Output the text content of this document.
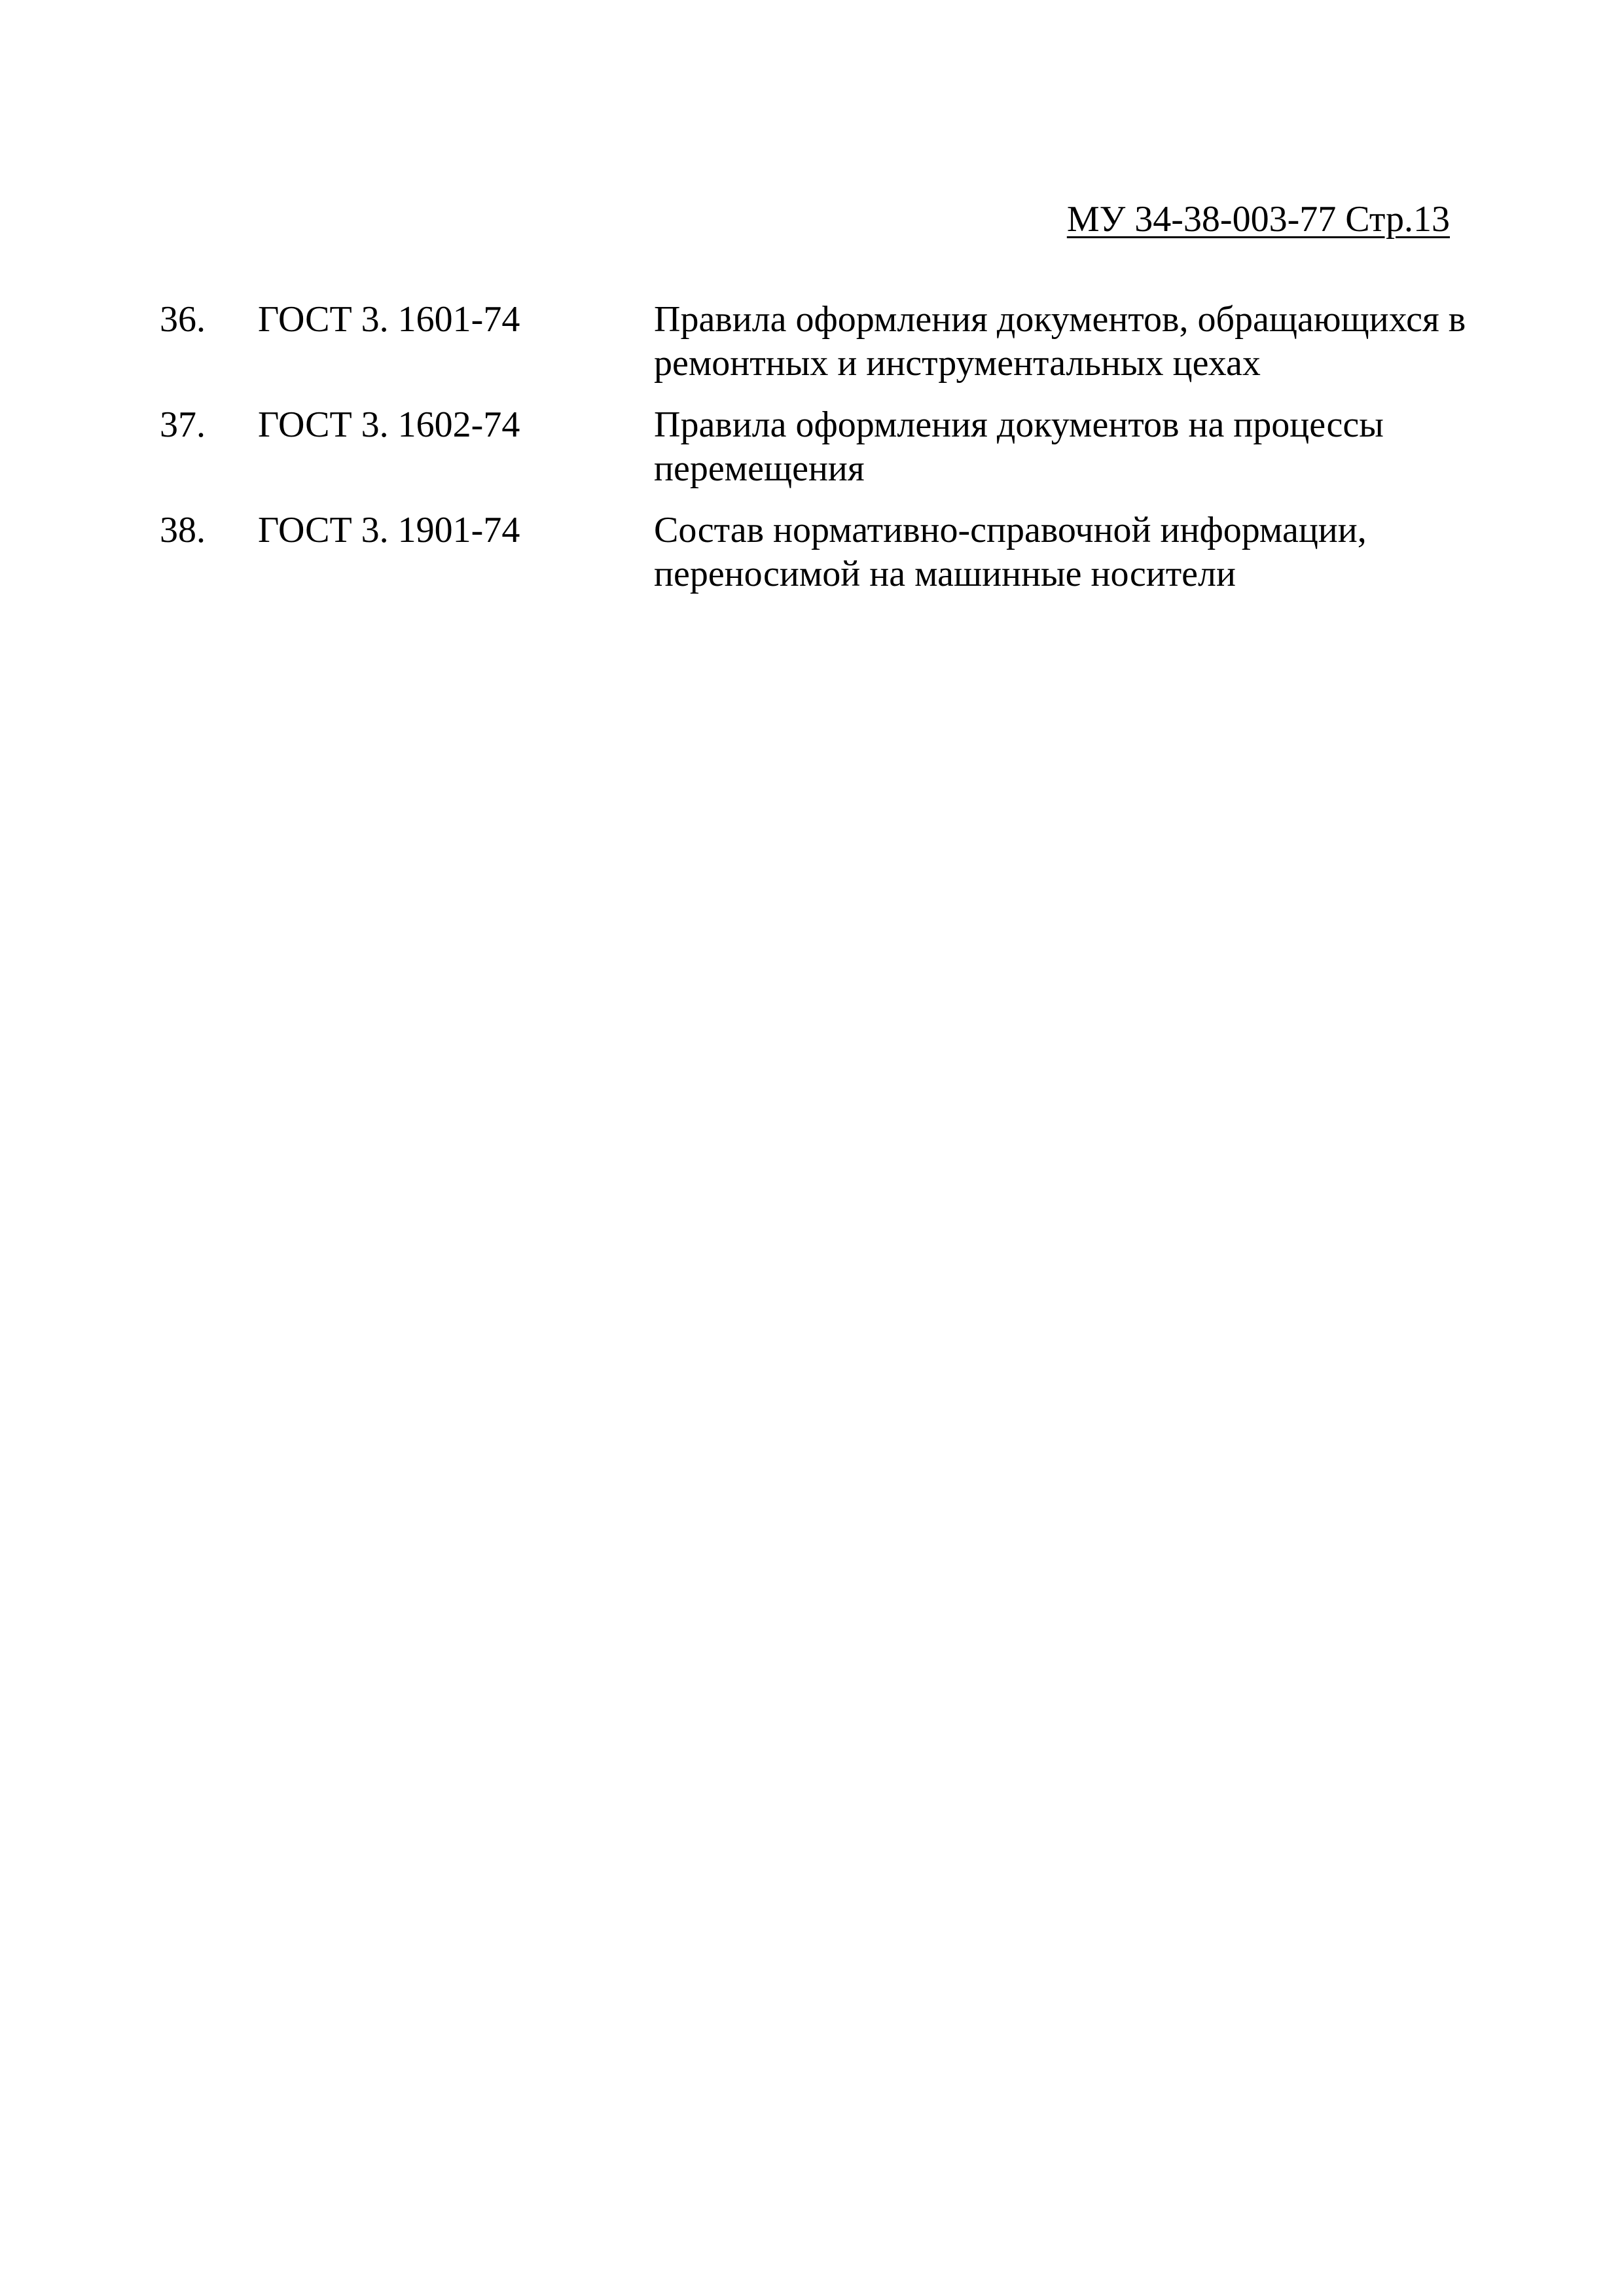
МУ 34-38-003-77 Стр.13
36.	ГОСТ 3. 1601-74	Правила оформления документов, обращающихся в
ремонтных и инструментальных цехах
37.	ГОСТ 3. 1602-74	Правила оформления документов на процессы
перемещения
38.	ГОСТ 3. 1901-74	Состав нормативно-справочной информации,
переносимой на машинные носители
